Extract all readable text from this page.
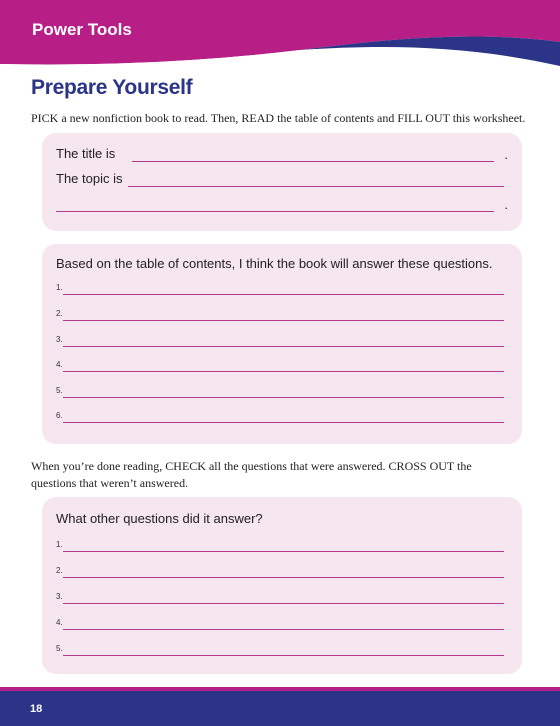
Power Tools
Prepare Yourself
PICK a new nonfiction book to read. Then, READ the table of contents and FILL OUT this worksheet.
The title is	.
The topic is
.
Based on the table of contents, I think the book will answer these questions.
1.
2.
3.
4.
5.
6.
When you’re done reading, CHECK all the questions that were answered. CROSS OUT the questions that weren’t answered.
What other questions did it answer?
1.
2.
3.
4.
5.
18
